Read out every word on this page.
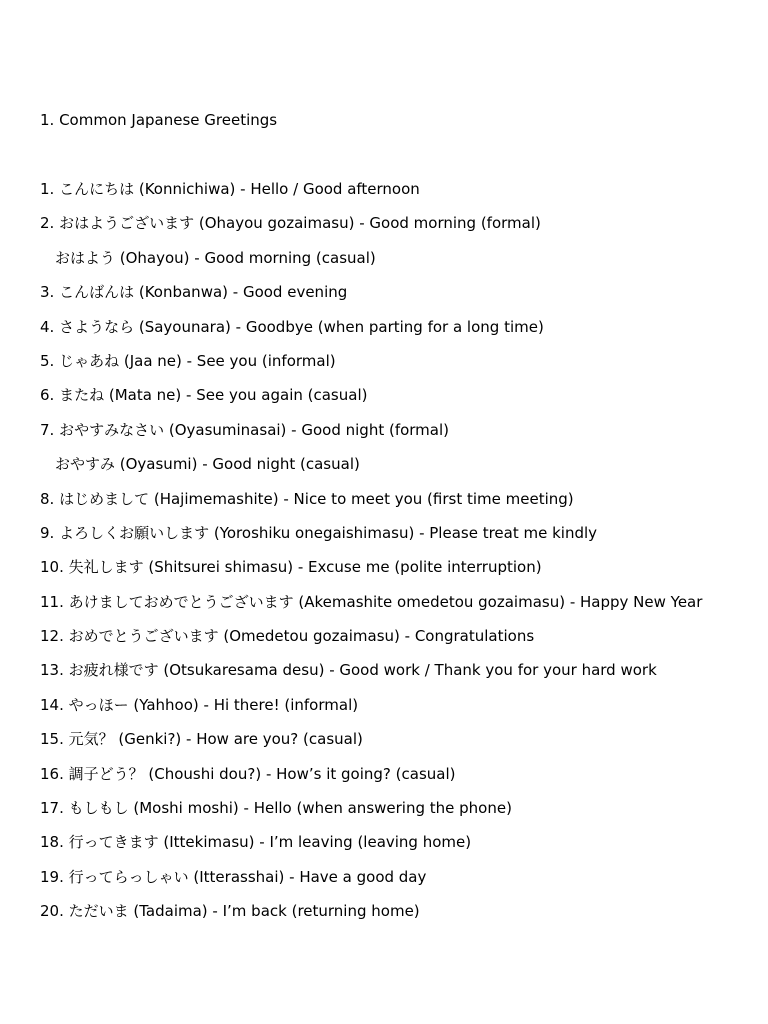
1. Common Japanese Greetings
1. こんにちは (Konnichiwa) - Hello / Good afternoon
2. おはようございます (Ohayou gozaimasu) - Good morning (formal)
おはよう (Ohayou) - Good morning (casual)
3. こんばんは (Konbanwa) - Good evening
4. さようなら (Sayounara) - Goodbye (when parting for a long time)
5. じゃあね (Jaa ne) - See you (informal)
6. またね (Mata ne) - See you again (casual)
7. おやすみなさい (Oyasuminasai) - Good night (formal)
おやすみ (Oyasumi) - Good night (casual)
8. はじめまして (Hajimemashite) - Nice to meet you (first time meeting)
9. よろしくお願いします (Yoroshiku onegaishimasu) - Please treat me kindly
10. 失礼します (Shitsurei shimasu) - Excuse me (polite interruption)
11. あけましておめでとうございます (Akemashite omedetou gozaimasu) - Happy New Year
12. おめでとうございます (Omedetou gozaimasu) - Congratulations
13. お疲れ様です (Otsukaresama desu) - Good work / Thank you for your hard work
14. やっほー (Yahhoo) - Hi there! (informal)
15. 元気？ (Genki?) - How are you? (casual)
16. 調子どう？ (Choushi dou?) - How’s it going? (casual)
17. もしもし (Moshi moshi) - Hello (when answering the phone)
18. 行ってきます (Ittekimasu) - I’m leaving (leaving home)
19. 行ってらっしゃい (Itterasshai) - Have a good day
20. ただいま (Tadaima) - I’m back (returning home)
